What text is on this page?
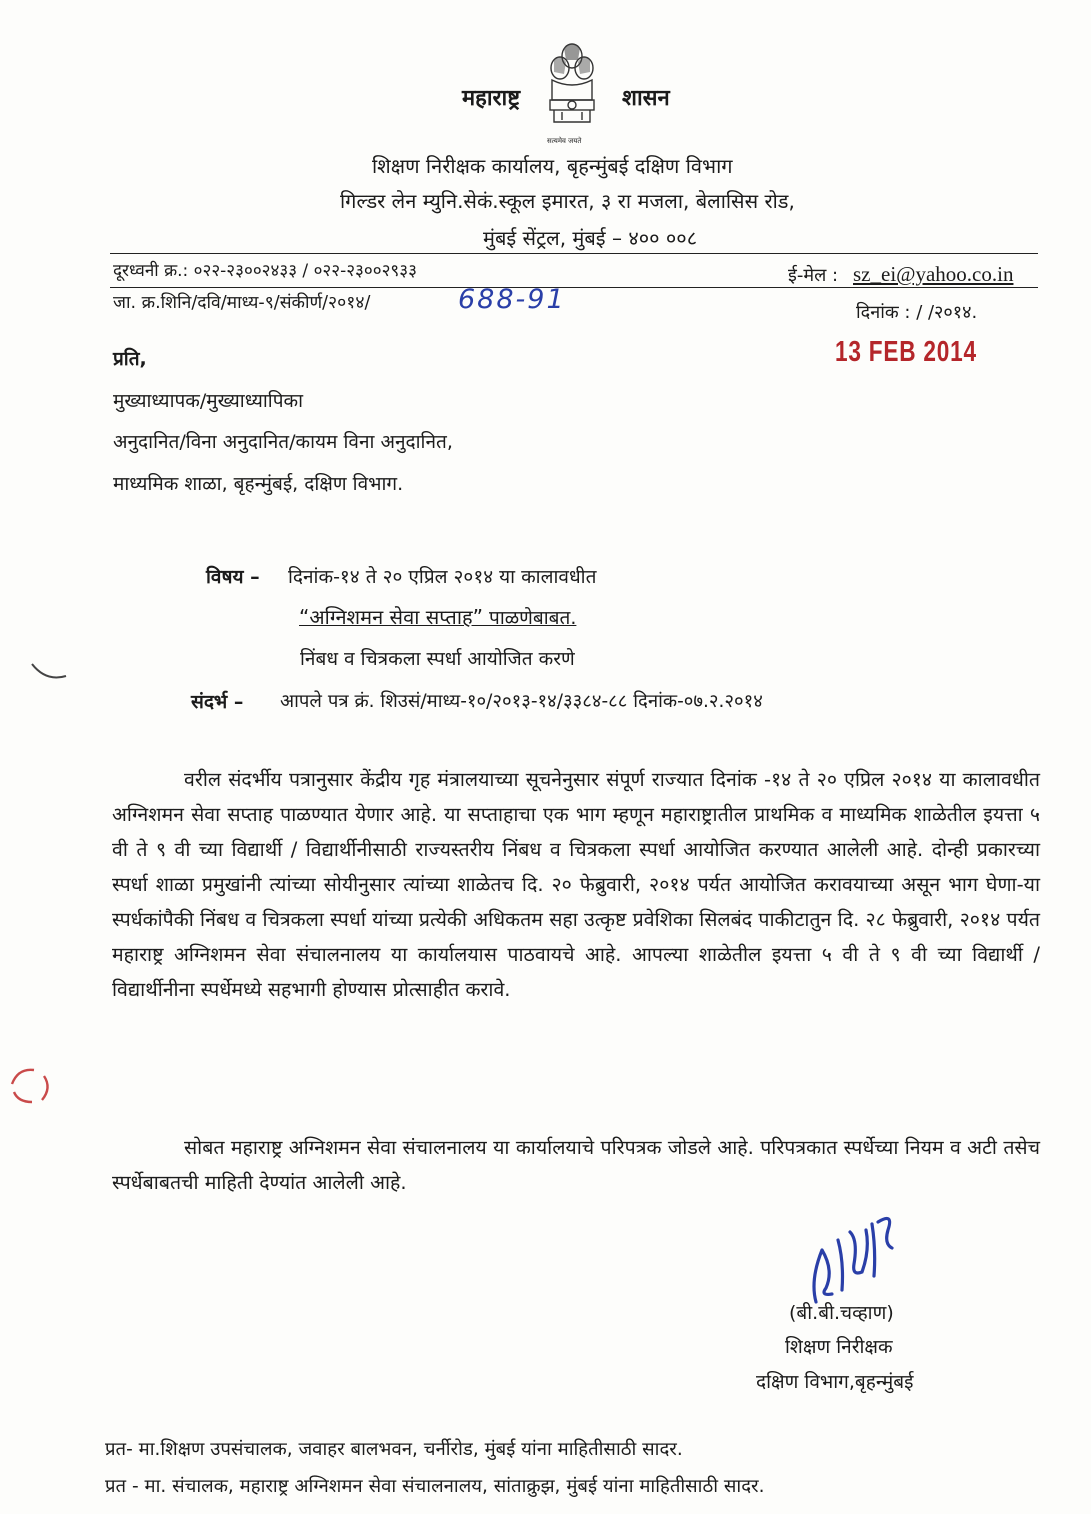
महाराष्ट्र
सत्यमेव जयते
शासन
शिक्षण निरीक्षक कार्यालय, बृहन्मुंबई दक्षिण विभाग
गिल्डर लेन म्युनि.सेकं.स्कूल इमारत, ३ रा मजला, बेलासिस रोड,
मुंबई सेंट्रल, मुंबई – ४०० ००८
दूरध्वनी क्र.: ०२२-२३००२४३३ / ०२२-२३००२९३३	ई-मेल : sz_ei@yahoo.co.in
जा. क्र.शिनि/दवि/माध्य-९/संकीर्ण/२०१४/	688-91	दिनांक : / /२०१४.
13 FEB 2014
प्रति,
मुख्याध्यापक/मुख्याध्यापिका
अनुदानित/विना अनुदानित/कायम विना अनुदानित,
माध्यमिक शाळा, बृहन्मुंबई, दक्षिण विभाग.
विषय – दिनांक-१४ ते २० एप्रिल २०१४ या कालावधीत
“अग्निशमन सेवा सप्ताह” पाळणेबाबत.
निंबध व चित्रकला स्पर्धा आयोजित करणे
संदर्भ – आपले पत्र क्रं. शिउसं/माध्य-१०/२०१३-१४/३३८४-८८ दिनांक-०७.२.२०१४

वरील संदर्भीय पत्रानुसार केंद्रीय गृह मंत्रालयाच्या सूचनेनुसार संपूर्ण राज्यात दिनांक -१४ ते २० एप्रिल २०१४ या कालावधीत अग्निशमन सेवा सप्ताह पाळण्यात येणार आहे. या सप्ताहाचा एक भाग म्हणून महाराष्ट्रातील प्राथमिक व माध्यमिक शाळेतील इयत्ता ५ वी ते ९ वी च्या विद्यार्थी / विद्यार्थीनीसाठी राज्यस्तरीय निंबध व चित्रकला स्पर्धा आयोजित करण्यात आलेली आहे. दोन्ही प्रकारच्या स्पर्धा शाळा प्रमुखांनी त्यांच्या सोयीनुसार त्यांच्या शाळेतच दि. २० फेब्रुवारी, २०१४ पर्यत आयोजित करावयाच्या असून भाग घेणा-या स्पर्धकांपैकी निंबध व चित्रकला स्पर्धा यांच्या प्रत्येकी अधिकतम सहा उत्कृष्ट प्रवेशिका सिलबंद पाकीटातुन दि. २८ फेब्रुवारी, २०१४ पर्यत महाराष्ट्र अग्निशमन सेवा संचालनालय या कार्यालयास पाठवायचे आहे. आपल्या शाळेतील इयत्ता ५ वी ते ९ वी च्या विद्यार्थी / विद्यार्थीनीना स्पर्धेमध्ये सहभागी होण्यास प्रोत्साहीत करावे.

सोबत महाराष्ट्र अग्निशमन सेवा संचालनालय या कार्यालयाचे परिपत्रक जोडले आहे. परिपत्रकात स्पर्धेच्या नियम व अटी तसेच स्पर्धेबाबतची माहिती देण्यांत आलेली आहे.

(बी.बी.चव्हाण)
शिक्षण निरीक्षक
दक्षिण विभाग,बृहन्मुंबई
प्रत- मा.शिक्षण उपसंचालक, जवाहर बालभवन, चर्नीरोड, मुंबई यांना माहितीसाठी सादर.
प्रत - मा. संचालक, महाराष्ट्र अग्निशमन सेवा संचालनालय, सांताक्रुझ, मुंबई यांना माहितीसाठी सादर.
